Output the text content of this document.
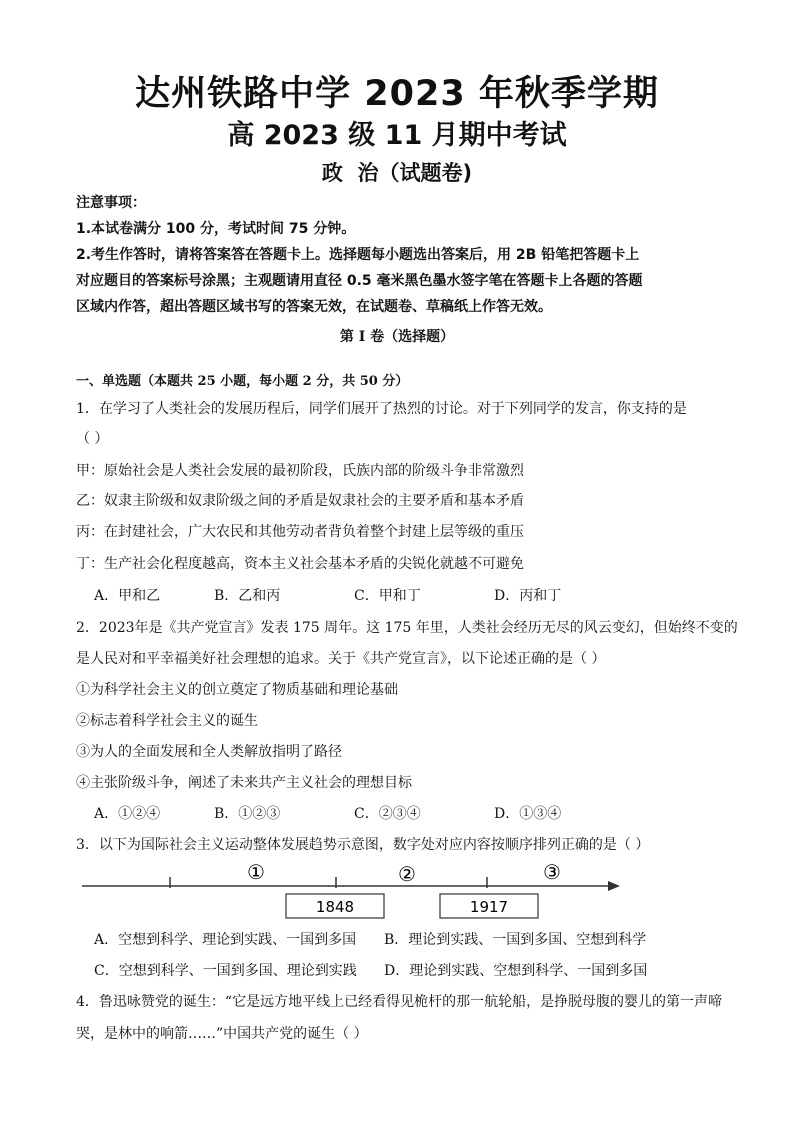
达州铁路中学 2023 年秋季学期
高 2023 级 11 月期中考试
政  治（试题卷)
注意事项：
1.本试卷满分 100 分，考试时间 75 分钟。
2.考生作答时，请将答案答在答题卡上。选择题每小题选出答案后，用 2B 铅笔把答题卡上
对应题目的答案标号涂黑；主观题请用直径 0.5 毫米黑色墨水签字笔在答题卡上各题的答题
区域内作答，超出答题区域书写的答案无效，在试题卷、草稿纸上作答无效。
第 I 卷（选择题）
一、单选题（本题共 25 小题，每小题 2 分，共 50 分）
1．在学习了人类社会的发展历程后，同学们展开了热烈的讨论。对于下列同学的发言，你支持的是
（ ）
甲：原始社会是人类社会发展的最初阶段，氏族内部的阶级斗争非常激烈
乙：奴隶主阶级和奴隶阶级之间的矛盾是奴隶社会的主要矛盾和基本矛盾
丙：在封建社会，广大农民和其他劳动者背负着整个封建上层等级的重压
丁：生产社会化程度越高，资本主义社会基本矛盾的尖锐化就越不可避免
A．甲和乙	B．乙和丙	C．甲和丁	D．丙和丁
2．2023年是《共产党宣言》发表 175 周年。这 175 年里，人类社会经历无尽的风云变幻，但始终不变的
是人民对和平幸福美好社会理想的追求。关于《共产党宣言》，以下论述正确的是（ ）
①为科学社会主义的创立奠定了物质基础和理论基础
②标志着科学社会主义的诞生
③为人的全面发展和全人类解放指明了路径
④主张阶级斗争，阐述了未来共产主义社会的理想目标
A．①②④	B．①②③	C．②③④	D．①③④
3．以下为国际社会主义运动整体发展趋势示意图，数字处对应内容按顺序排列正确的是（ ）
①	②	③
1848	1917
A．空想到科学、理论到实践、一国到多国 B．理论到实践、一国到多国、空想到科学
C．空想到科学、一国到多国、理论到实践 D．理论到实践、空想到科学、一国到多国
4．鲁迅咏赞党的诞生：“它是远方地平线上已经看得见桅杆的那一航轮船，是挣脱母腹的婴儿的第一声啼
哭，是林中的响箭……”中国共产党的诞生（ ）
